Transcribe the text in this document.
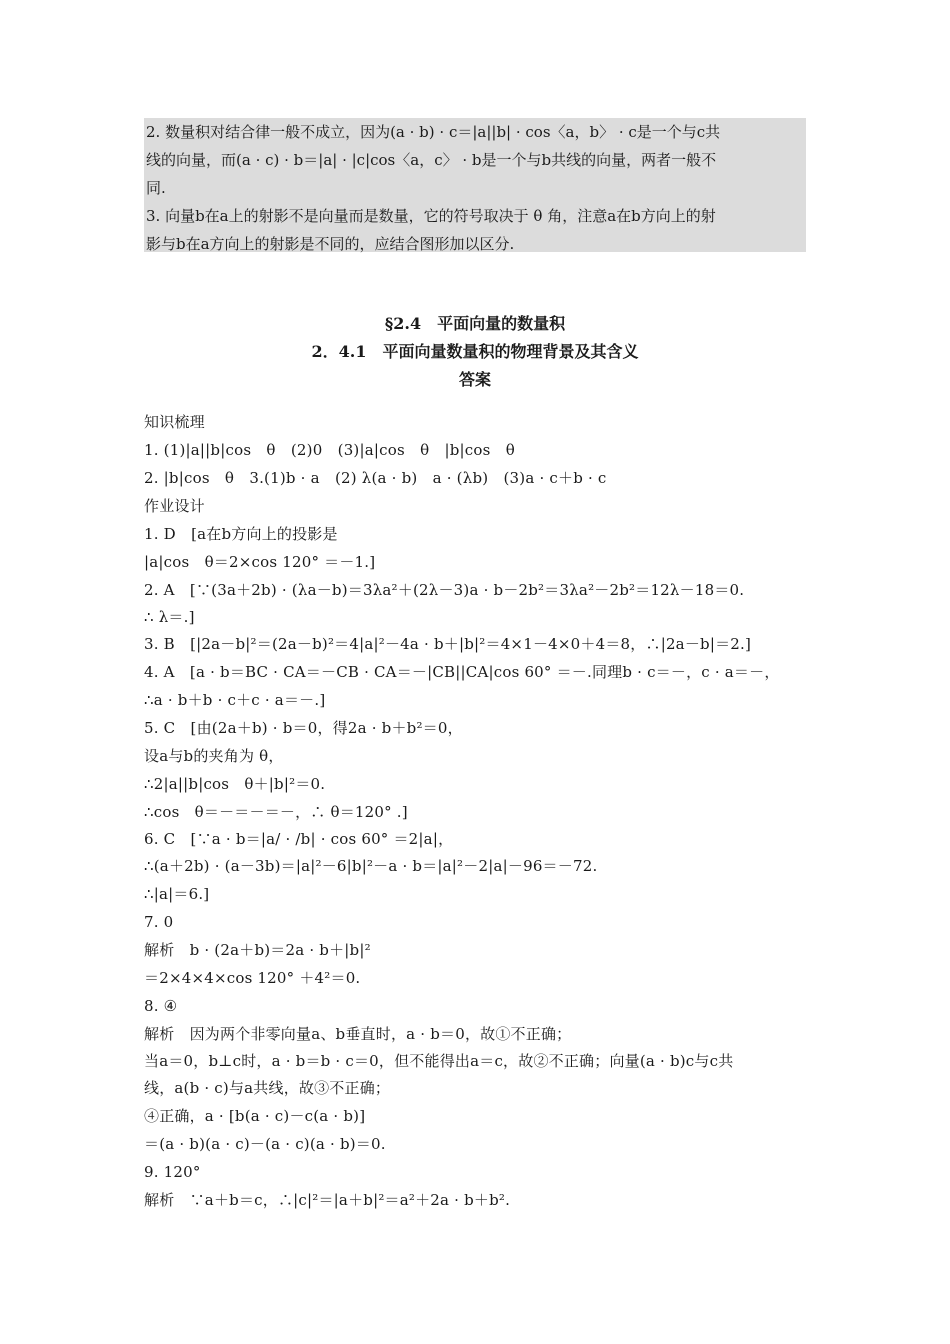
2. 数量积对结合律一般不成立，因为(a · b) · c＝|a||b| · cos〈a，b〉 · c是一个与c共
线的向量，而(a · c) · b＝|a| · |c|cos〈a，c〉 · b是一个与b共线的向量，两者一般不
同.
3. 向量b在a上的射影不是向量而是数量，它的符号取决于 θ 角，注意a在b方向上的射
影与b在a方向上的射影是不同的，应结合图形加以区分.
§2.4　平面向量的数量积
2．4.1　平面向量数量积的物理背景及其含义
答案
知识梳理
1. (1)|a||b|cos　θ　(2)0　(3)|a|cos　θ　|b|cos　θ
2. |b|cos　θ　3.(1)b · a　(2) λ(a · b)　a · (λb)　(3)a · c＋b · c
作业设计
1. D　[a在b方向上的投影是
|a|cos　θ＝2×cos 120° ＝－1.]
2. A　[∵(3a＋2b) · (λa－b)＝3λa²＋(2λ－3)a · b－2b²＝3λa²－2b²＝12λ－18＝0.
∴ λ＝.]
3. B　[|2a－b|²＝(2a－b)²＝4|a|²－4a · b＋|b|²＝4×1－4×0＋4＝8，∴|2a－b|＝2.]
4. A　[a · b＝BC · CA＝－CB · CA＝－|CB||CA|cos 60° ＝－.同理b · c＝－，c · a＝－，
∴a · b＋b · c＋c · a＝－.]
5. C　[由(2a＋b) · b＝0，得2a · b＋b²＝0，
设a与b的夹角为 θ，
∴2|a||b|cos　θ＋|b|²＝0.
∴cos　θ＝－＝－＝－，∴ θ＝120° .]
6. C　[∵a · b＝|a/ · /b| · cos 60° ＝2|a|，
∴(a＋2b) · (a－3b)＝|a|²－6|b|²－a · b＝|a|²－2|a|－96＝－72.
∴|a|＝6.]
7. 0
解析　b · (2a＋b)＝2a · b＋|b|²
＝2×4×4×cos 120° ＋4²＝0.
8. ④
解析　因为两个非零向量a、b垂直时，a · b＝0，故①不正确；
当a＝0，b⊥c时，a · b＝b · c＝0，但不能得出a＝c，故②不正确；向量(a · b)c与c共
线，a(b · c)与a共线，故③不正确；
④正确，a · [b(a · c)－c(a · b)]
＝(a · b)(a · c)－(a · c)(a · b)＝0.
9. 120°
解析　∵a＋b＝c，∴|c|²＝|a＋b|²＝a²＋2a · b＋b².
